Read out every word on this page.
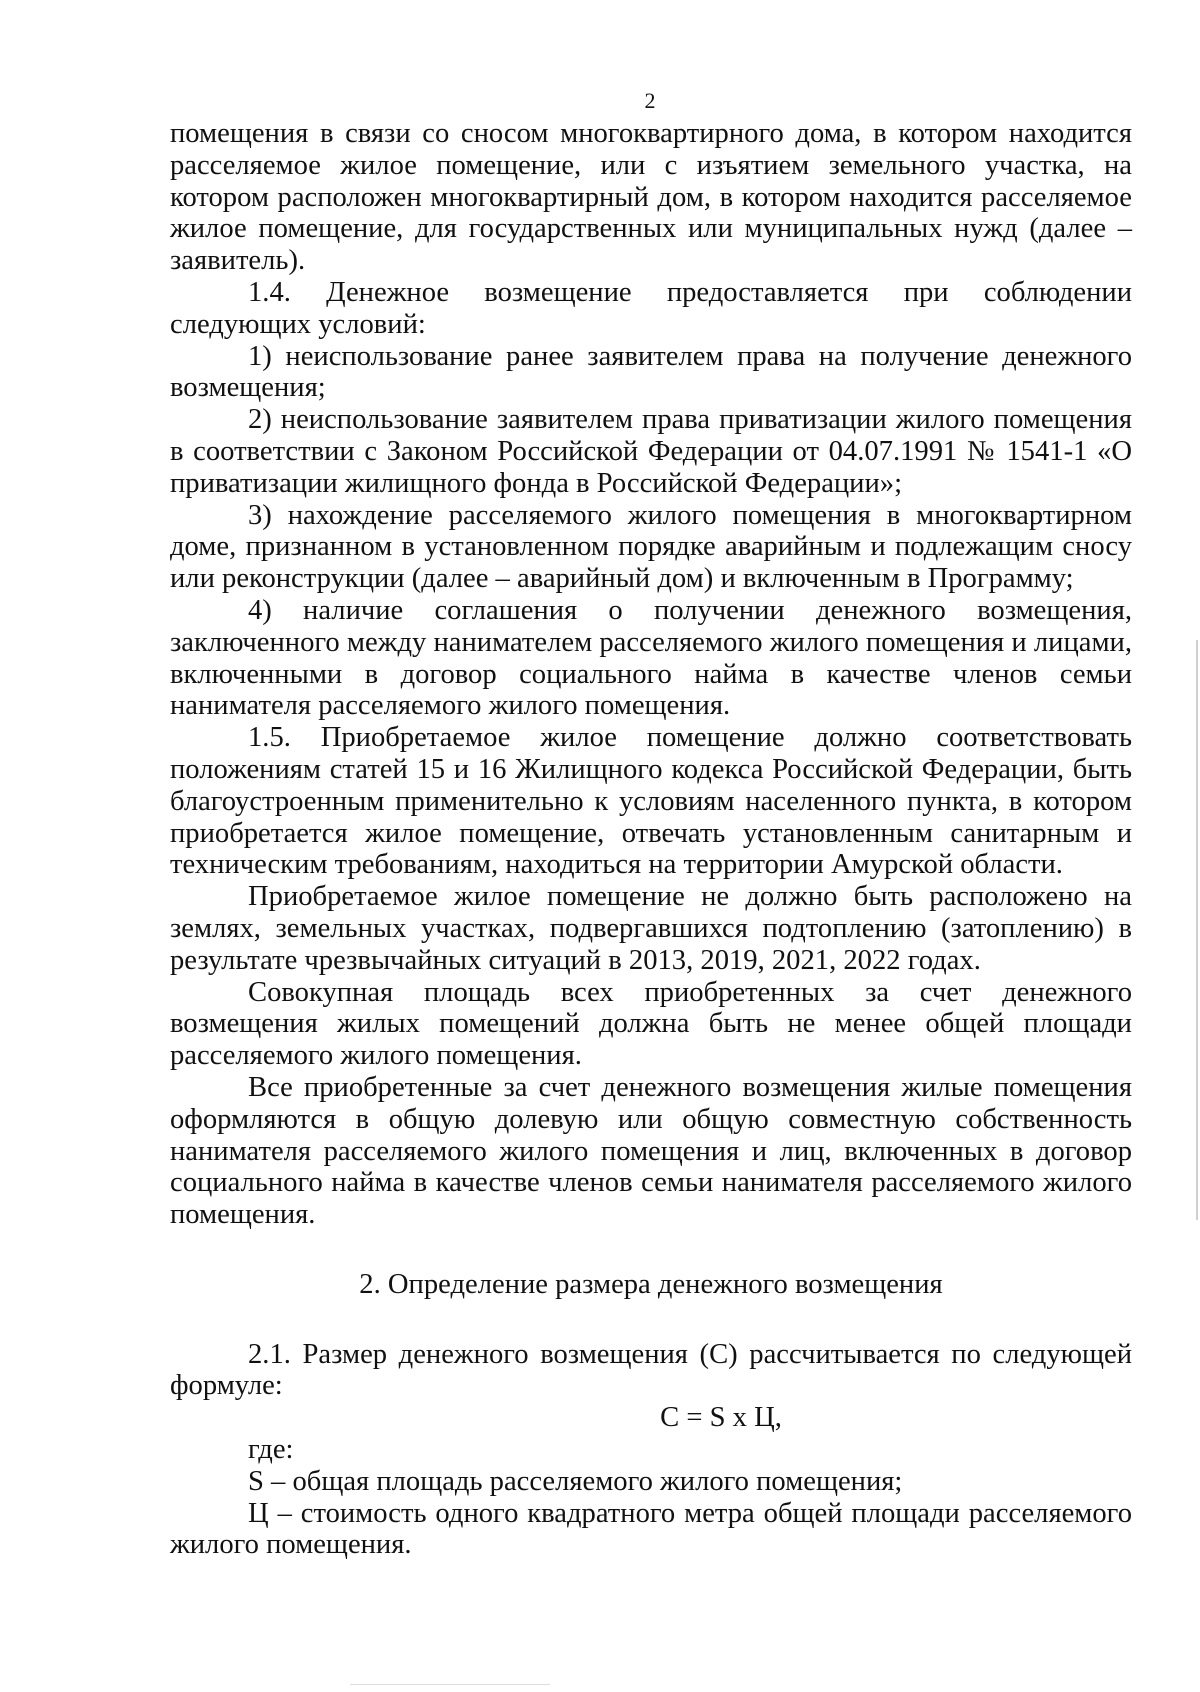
2

помещения в связи со сносом многоквартирного дома, в котором находится расселяемое жилое помещение, или с изъятием земельного участка, на котором расположен многоквартирный дом, в котором находится расселяемое жилое помещение, для государственных или муниципальных нужд (далее – заявитель).

1.4. Денежное возмещение предоставляется при соблюдении следующих условий:

1) неиспользование ранее заявителем права на получение денежного возмещения;

2) неиспользование заявителем права приватизации жилого помещения в соответствии с Законом Российской Федерации от 04.07.1991 № 1541-1 «О приватизации жилищного фонда в Российской Федерации»;

3) нахождение расселяемого жилого помещения в многоквартирном доме, признанном в установленном порядке аварийным и подлежащим сносу или реконструкции (далее – аварийный дом) и включенным в Программу;

4) наличие соглашения о получении денежного возмещения, заключенного между нанимателем расселяемого жилого помещения и лицами, включенными в договор социального найма в качестве членов семьи нанимателя расселяемого жилого помещения.

1.5. Приобретаемое жилое помещение должно соответствовать положениям статей 15 и 16 Жилищного кодекса Российской Федерации, быть благоустроенным применительно к условиям населенного пункта, в котором приобретается жилое помещение, отвечать установленным санитарным и техническим требованиям, находиться на территории Амурской области.

Приобретаемое жилое помещение не должно быть расположено на землях, земельных участках, подвергавшихся подтоплению (затоплению) в результате чрезвычайных ситуаций в 2013, 2019, 2021, 2022 годах.

Совокупная площадь всех приобретенных за счет денежного возмещения жилых помещений должна быть не менее общей площади расселяемого жилого помещения.

Все приобретенные за счет денежного возмещения жилые помещения оформляются в общую долевую или общую совместную собственность нанимателя расселяемого жилого помещения и лиц, включенных в договор социального найма в качестве членов семьи нанимателя расселяемого жилого помещения.

2. Определение размера денежного возмещения

2.1. Размер денежного возмещения (С) рассчитывается по следующей формуле:

С = S х Ц,

где:

S – общая площадь расселяемого жилого помещения;

Ц – стоимость одного квадратного метра общей площади расселяемого жилого помещения.
